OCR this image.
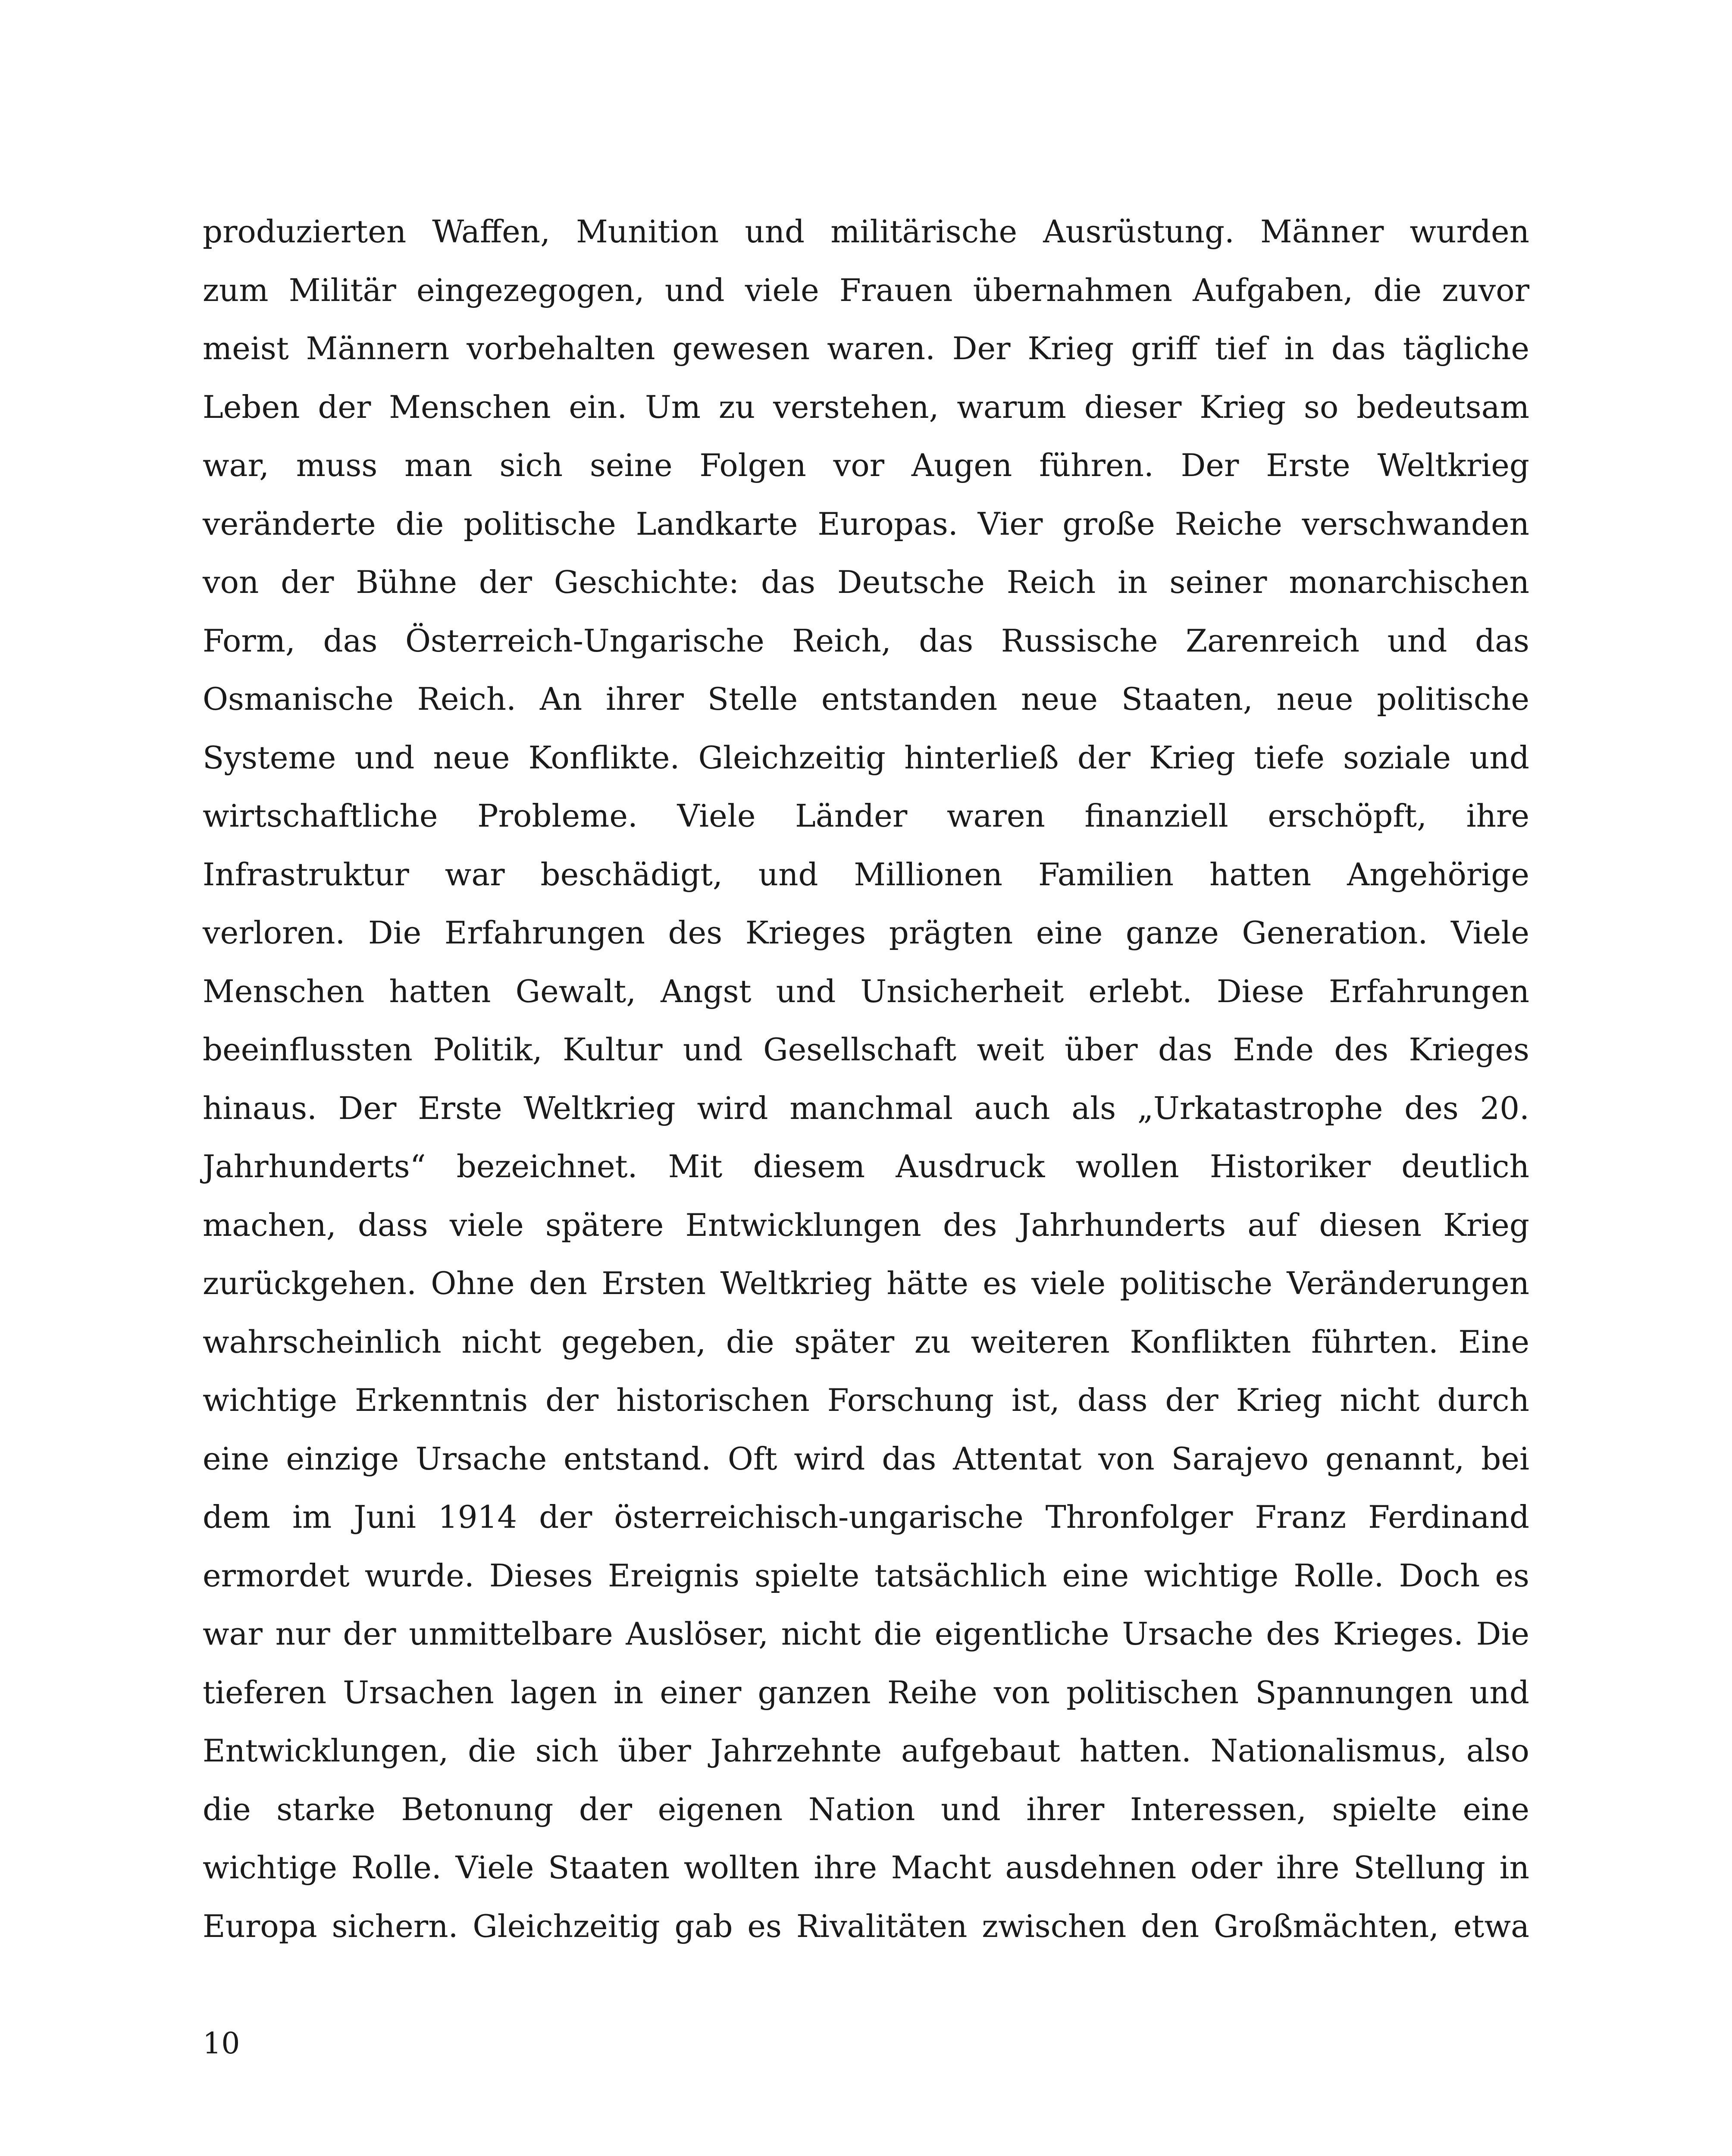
produzierten Waffen, Munition und militärische Ausrüstung. Männer wurden
zum Militär eingezegogen, und viele Frauen übernahmen Aufgaben, die zuvor
meist Männern vorbehalten gewesen waren. Der Krieg griff tief in das tägliche
Leben der Menschen ein. Um zu verstehen, warum dieser Krieg so bedeutsam
war, muss man sich seine Folgen vor Augen führen. Der Erste Weltkrieg
veränderte die politische Landkarte Europas. Vier große Reiche verschwanden
von der Bühne der Geschichte: das Deutsche Reich in seiner monarchischen
Form, das Österreich-Ungarische Reich, das Russische Zarenreich und das
Osmanische Reich. An ihrer Stelle entstanden neue Staaten, neue politische
Systeme und neue Konflikte. Gleichzeitig hinterließ der Krieg tiefe soziale und
wirtschaftliche Probleme. Viele Länder waren finanziell erschöpft, ihre
Infrastruktur war beschädigt, und Millionen Familien hatten Angehörige
verloren. Die Erfahrungen des Krieges prägten eine ganze Generation. Viele
Menschen hatten Gewalt, Angst und Unsicherheit erlebt. Diese Erfahrungen
beeinflussten Politik, Kultur und Gesellschaft weit über das Ende des Krieges
hinaus. Der Erste Weltkrieg wird manchmal auch als „Urkatastrophe des 20.
Jahrhunderts“ bezeichnet. Mit diesem Ausdruck wollen Historiker deutlich
machen, dass viele spätere Entwicklungen des Jahrhunderts auf diesen Krieg
zurückgehen. Ohne den Ersten Weltkrieg hätte es viele politische Veränderungen
wahrscheinlich nicht gegeben, die später zu weiteren Konflikten führten. Eine
wichtige Erkenntnis der historischen Forschung ist, dass der Krieg nicht durch
eine einzige Ursache entstand. Oft wird das Attentat von Sarajevo genannt, bei
dem im Juni 1914 der österreichisch-ungarische Thronfolger Franz Ferdinand
ermordet wurde. Dieses Ereignis spielte tatsächlich eine wichtige Rolle. Doch es
war nur der unmittelbare Auslöser, nicht die eigentliche Ursache des Krieges. Die
tieferen Ursachen lagen in einer ganzen Reihe von politischen Spannungen und
Entwicklungen, die sich über Jahrzehnte aufgebaut hatten. Nationalismus, also
die starke Betonung der eigenen Nation und ihrer Interessen, spielte eine
wichtige Rolle. Viele Staaten wollten ihre Macht ausdehnen oder ihre Stellung in
Europa sichern. Gleichzeitig gab es Rivalitäten zwischen den Großmächten, etwa
10
